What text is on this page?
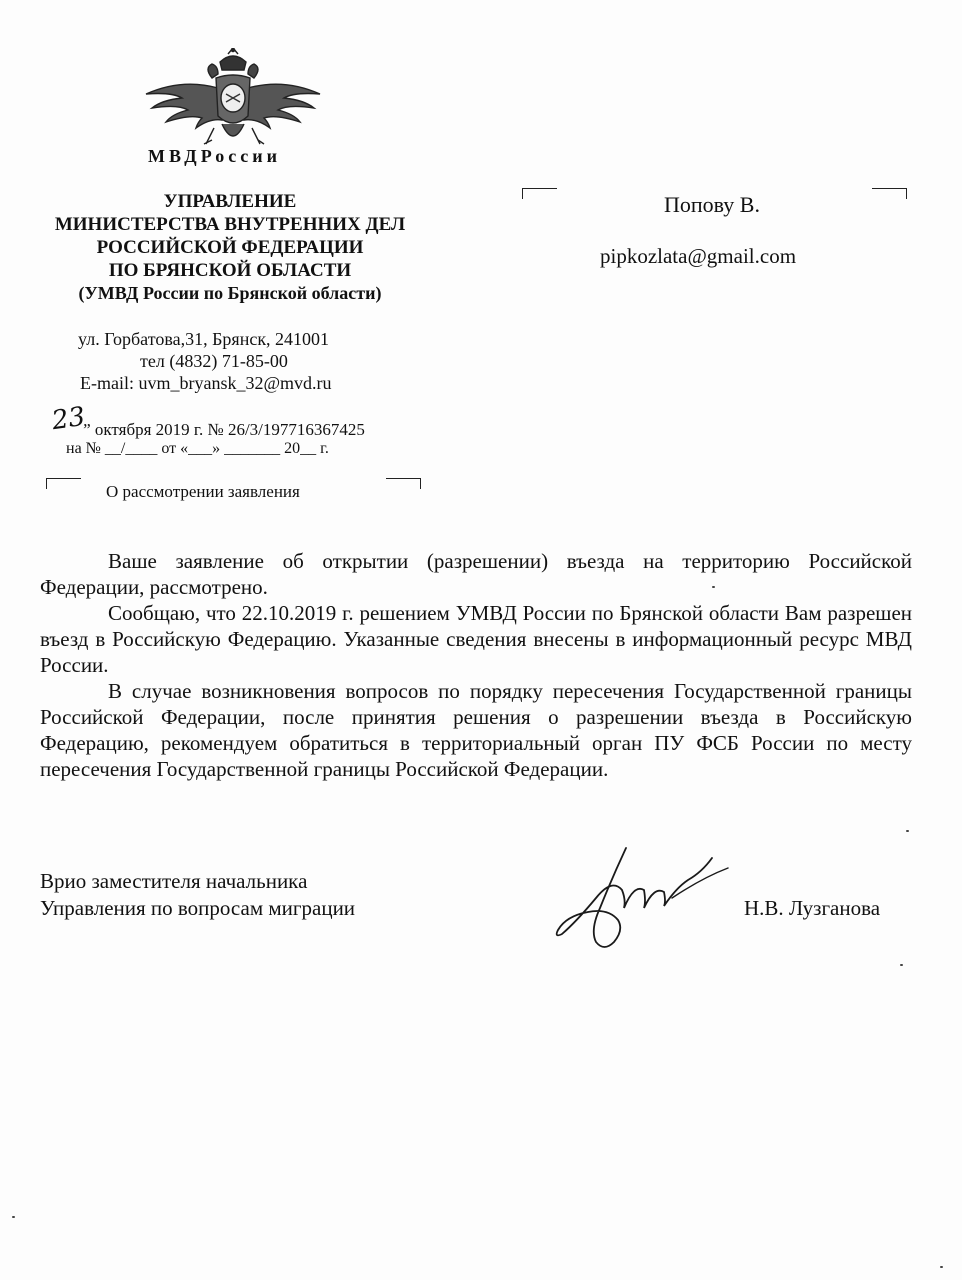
МВДРоссии
УПРАВЛЕНИЕ
МИНИСТЕРСТВА ВНУТРЕННИХ ДЕЛ
РОССИЙСКОЙ ФЕДЕРАЦИИ
ПО БРЯНСКОЙ ОБЛАСТИ
(УМВД России по Брянской области)
ул. Горбатова,31, Брянск, 241001
тел (4832) 71-85-00
E-mail: uvm_bryansk_32@mvd.ru
23” октября 2019 г. № 26/3/197716367425
на № __/____ от «___» _______ 20__ г.
О рассмотрении заявления
Попову В.
pipkozlata@gmail.com

Ваше заявление об открытии (разрешении) въезда на территорию Российской Федерации, рассмотрено.

Сообщаю, что 22.10.2019 г. решением УМВД России по Брянской области Вам разрешен въезд в Российскую Федерацию. Указанные сведения внесены в информационный ресурс МВД России.

В случае возникновения вопросов по порядку пересечения Государственной границы Российской Федерации, после принятия решения о разрешении въезда в Российскую Федерацию, рекомендуем обратиться в территориальный орган ПУ ФСБ России по месту пересечения Государственной границы Российской Федерации.

Врио заместителя начальника
Управления по вопросам миграции	Н.В. Лузганова
